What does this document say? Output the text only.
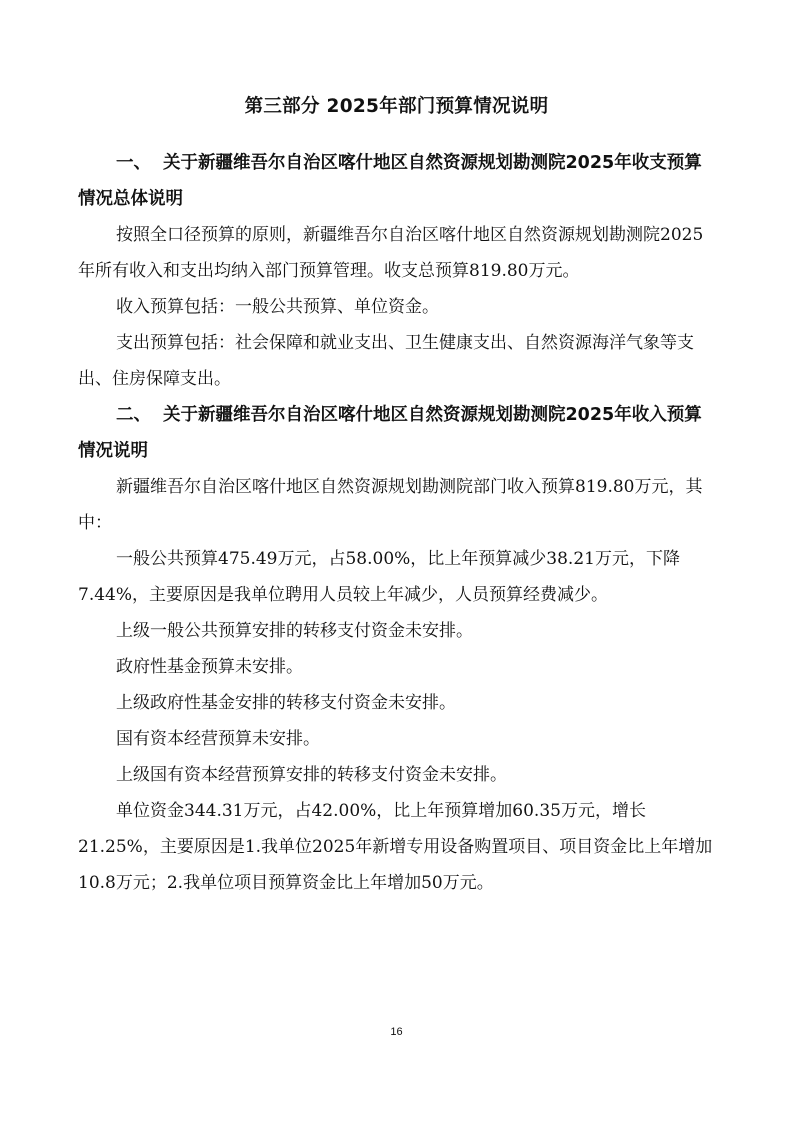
第三部分 2025年部门预算情况说明

一、 关于新疆维吾尔自治区喀什地区自然资源规划勘测院2025年收支预算情况总体说明

按照全口径预算的原则，新疆维吾尔自治区喀什地区自然资源规划勘测院2025年所有收入和支出均纳入部门预算管理。收支总预算819.80万元。

收入预算包括：一般公共预算、单位资金。

支出预算包括：社会保障和就业支出、卫生健康支出、自然资源海洋气象等支出、住房保障支出。

二、 关于新疆维吾尔自治区喀什地区自然资源规划勘测院2025年收入预算情况说明

新疆维吾尔自治区喀什地区自然资源规划勘测院部门收入预算819.80万元，其中：

一般公共预算475.49万元，占58.00%，比上年预算减少38.21万元，下降7.44%，主要原因是我单位聘用人员较上年减少，人员预算经费减少。

上级一般公共预算安排的转移支付资金未安排。

政府性基金预算未安排。

上级政府性基金安排的转移支付资金未安排。

国有资本经营预算未安排。

上级国有资本经营预算安排的转移支付资金未安排。

单位资金344.31万元，占42.00%，比上年预算增加60.35万元，增长21.25%，主要原因是1.我单位2025年新增专用设备购置项目、项目资金比上年增加10.8万元；2.我单位项目预算资金比上年增加50万元。

16
